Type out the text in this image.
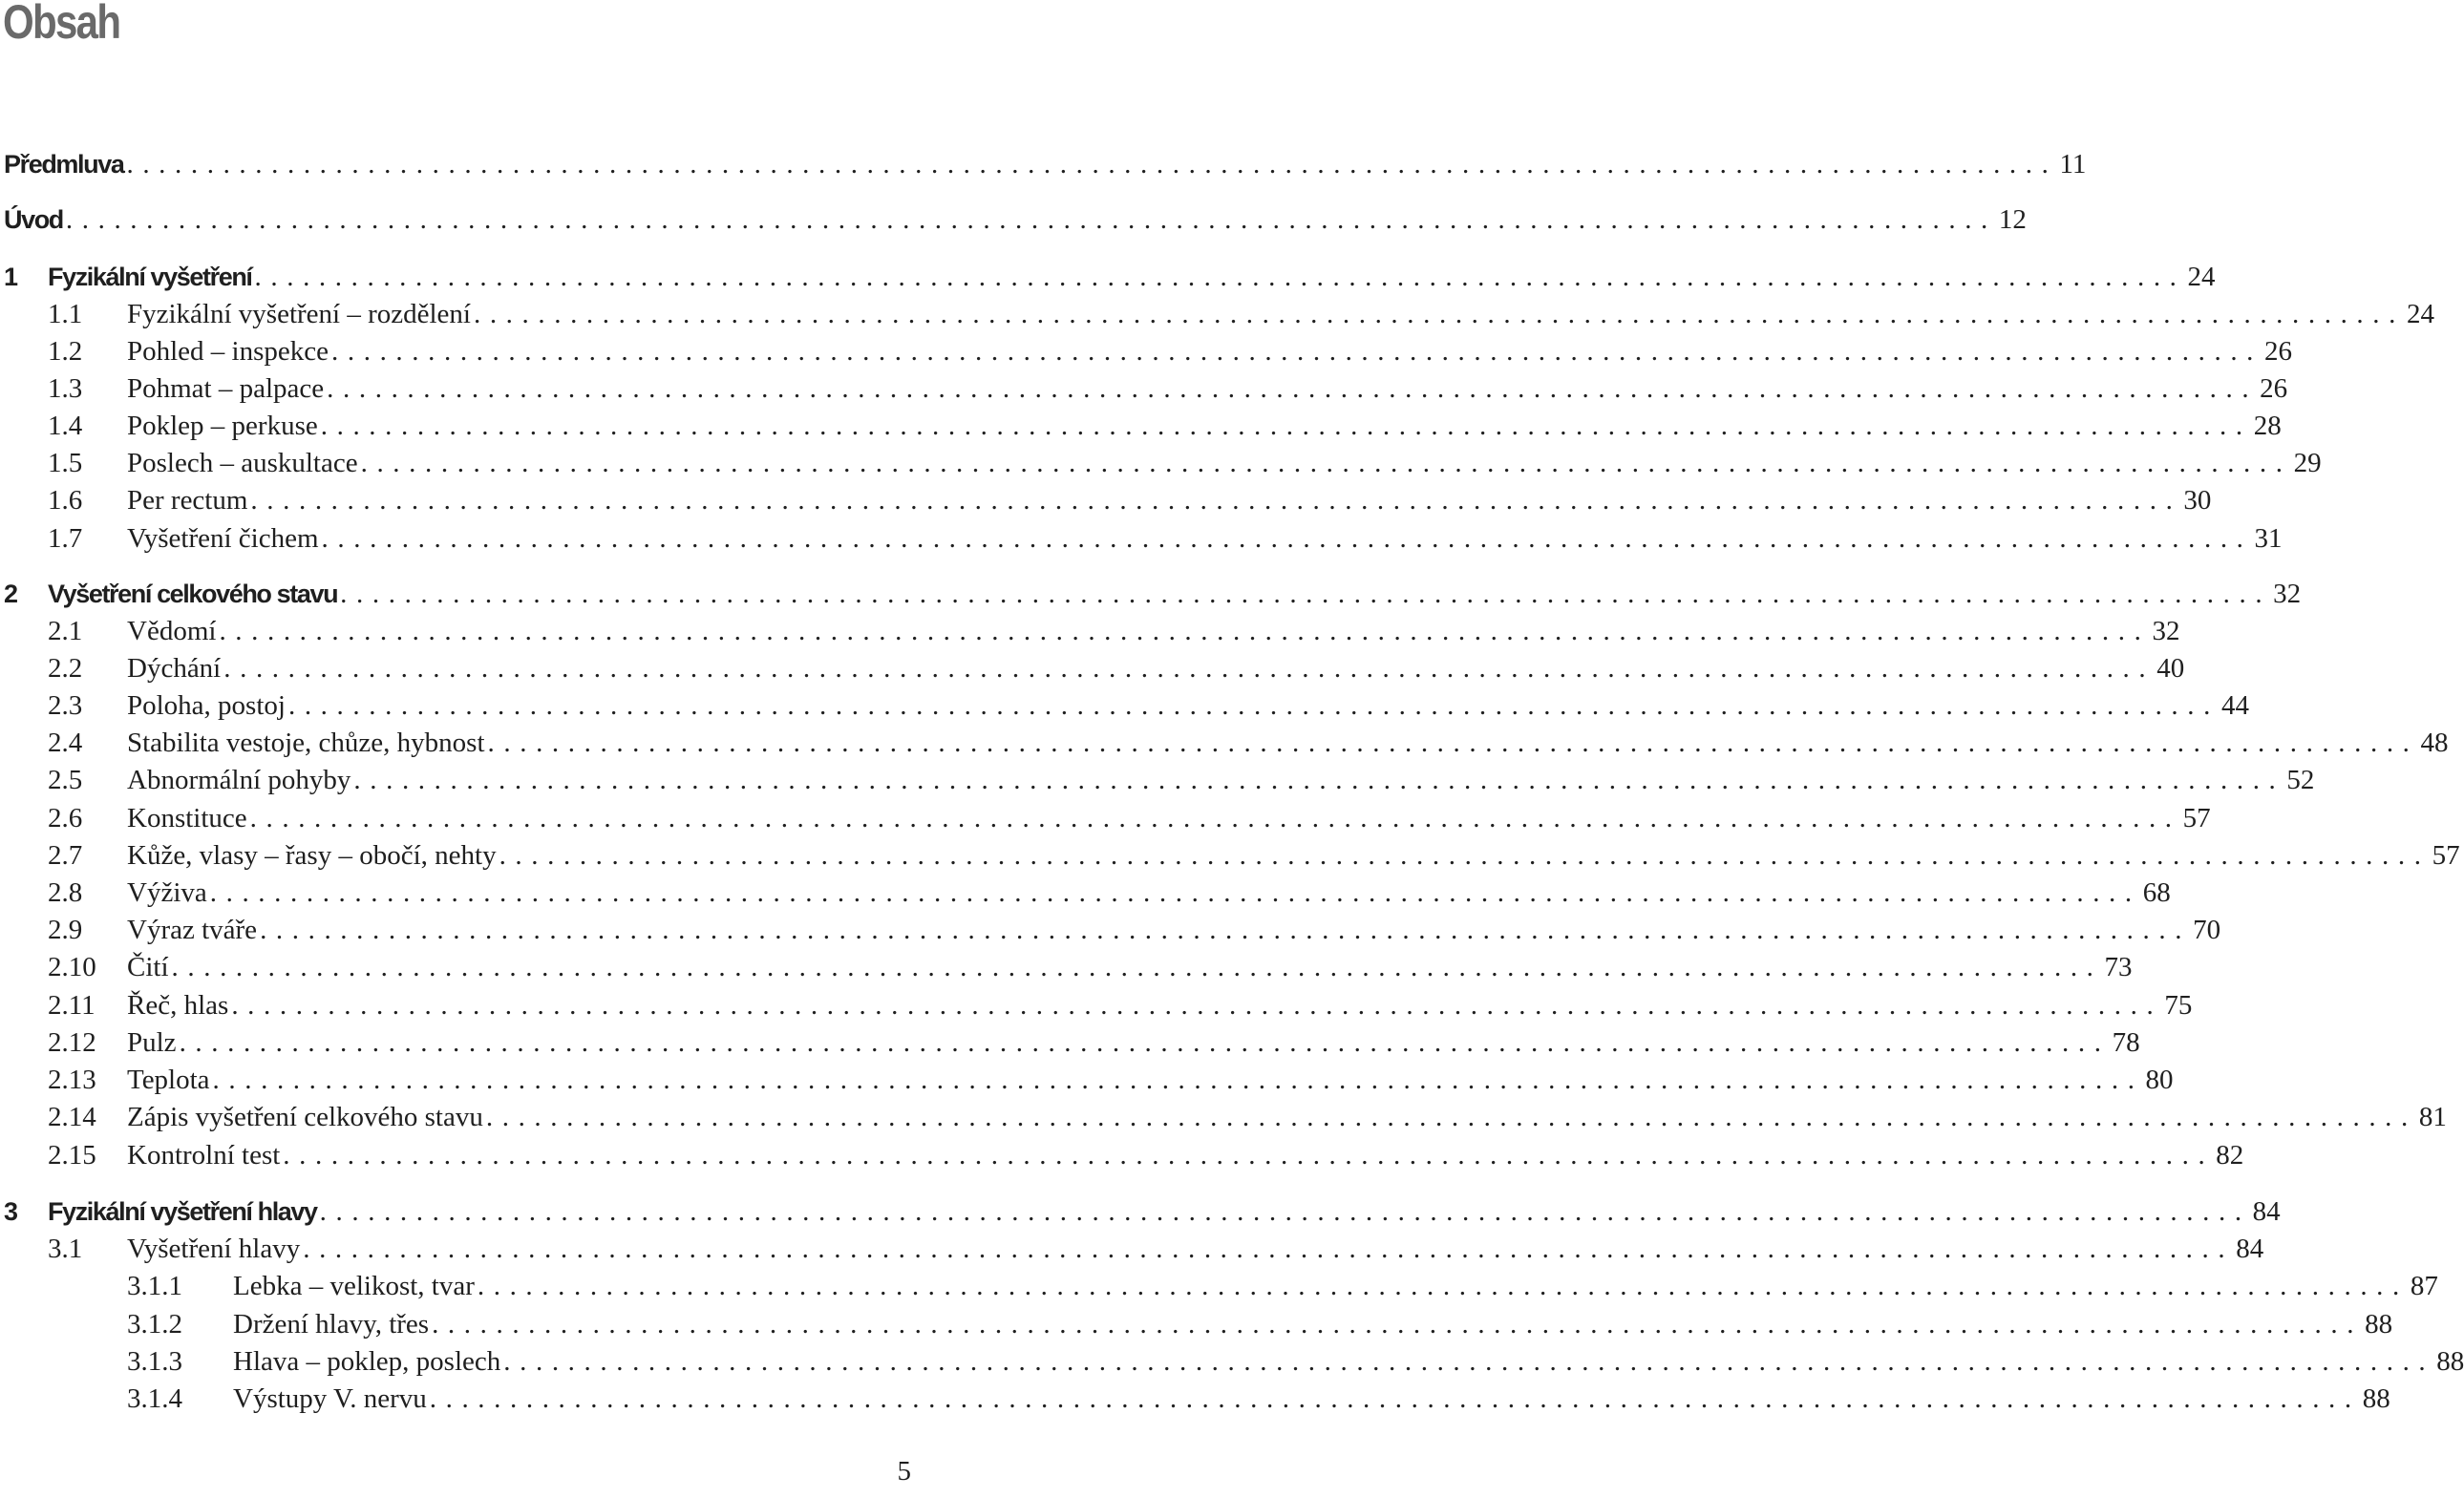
Obsah
Předmluva ........................................................................................................................ 11
Úvod ........................................................................................................................ 12
1	Fyzikální vyšetření ........................................................................................................................ 24
1.1	Fyzikální vyšetření – rozdělení ........................................................................................................................ 24
1.2	Pohled – inspekce ........................................................................................................................ 26
1.3	Pohmat – palpace ........................................................................................................................ 26
1.4	Poklep – perkuse ........................................................................................................................ 28
1.5	Poslech – auskultace ........................................................................................................................ 29
1.6	Per rectum ........................................................................................................................ 30
1.7	Vyšetření čichem ........................................................................................................................ 31
2	Vyšetření celkového stavu ........................................................................................................................ 32
2.1	Vědomí ........................................................................................................................ 32
2.2	Dýchání ........................................................................................................................ 40
2.3	Poloha, postoj ........................................................................................................................ 44
2.4	Stabilita vestoje, chůze, hybnost ........................................................................................................................ 48
2.5	Abnormální pohyby ........................................................................................................................ 52
2.6	Konstituce ........................................................................................................................ 57
2.7	Kůže, vlasy – řasy – obočí, nehty ........................................................................................................................ 57
2.8	Výživa ........................................................................................................................ 68
2.9	Výraz tváře ........................................................................................................................ 70
2.10	Čití ........................................................................................................................ 73
2.11	Řeč, hlas ........................................................................................................................ 75
2.12	Pulz ........................................................................................................................ 78
2.13	Teplota ........................................................................................................................ 80
2.14	Zápis vyšetření celkového stavu ........................................................................................................................ 81
2.15	Kontrolní test ........................................................................................................................ 82
3	Fyzikální vyšetření hlavy ........................................................................................................................ 84
3.1	Vyšetření hlavy ........................................................................................................................ 84
3.1.1	Lebka – velikost, tvar ........................................................................................................................ 87
3.1.2	Držení hlavy, třes ........................................................................................................................ 88
3.1.3	Hlava – poklep, poslech ........................................................................................................................ 88
3.1.4	Výstupy V. nervu ........................................................................................................................ 88

5
